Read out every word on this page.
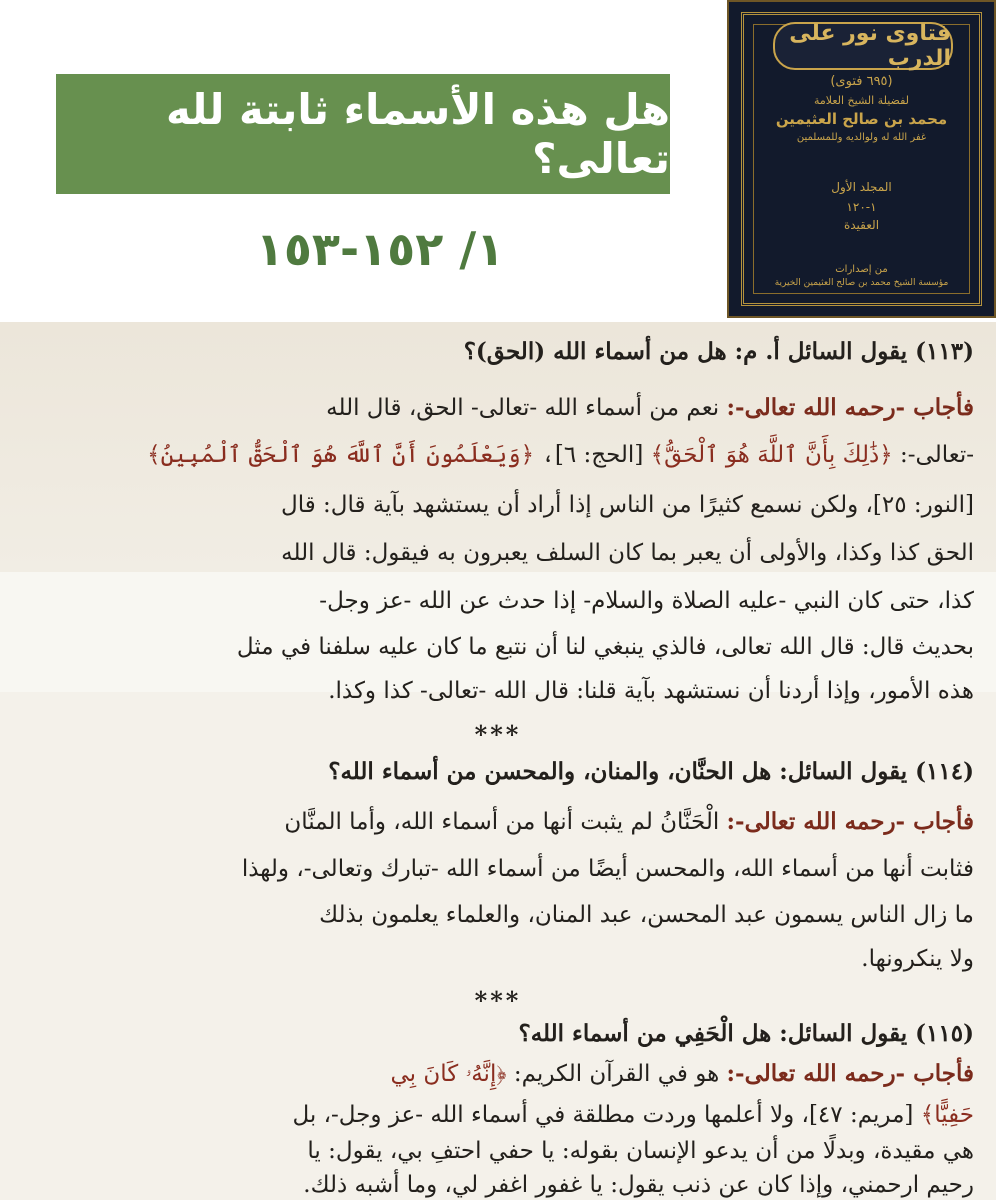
هل هذه الأسماء ثابتة لله تعالى؟
١/ ١٥٢-١٥٣
فتاوى نور على الدرب
(٦٩٥ فتوى)
لفضيلة الشيخ العلامة
محمد بن صالح العثيمين
غفر الله له ولوالديه وللمسلمين
المجلد الأول
١-١٢٠
العقيدة
من إصدارات
مؤسسة الشيخ محمد بن صالح العثيمين الخيرية
(١١٣) يقول السائل أ. م: هل من أسماء الله (الحق)؟
فأجاب -رحمه الله تعالى-: نعم من أسماء الله -تعالى- الحق، قال الله
-تعالى-: ﴿ذَٰلِكَ بِأَنَّ ٱللَّهَ هُوَ ٱلْحَقُّ﴾ [الحج: ٦]، ﴿وَيَعْلَمُونَ أَنَّ ٱللَّهَ هُوَ ٱلْحَقُّ ٱلْمُبِينُ﴾
[النور: ٢٥]، ولكن نسمع كثيرًا من الناس إذا أراد أن يستشهد بآية قال: قال
الحق كذا وكذا، والأولى أن يعبر بما كان السلف يعبرون به فيقول: قال الله
كذا، حتى كان النبي -عليه الصلاة والسلام- إذا حدث عن الله -عز وجل-
بحديث قال: قال الله تعالى، فالذي ينبغي لنا أن نتبع ما كان عليه سلفنا في مثل
هذه الأمور، وإذا أردنا أن نستشهد بآية قلنا: قال الله -تعالى- كذا وكذا.
***
(١١٤) يقول السائل: هل الحنَّان، والمنان، والمحسن من أسماء الله؟
فأجاب -رحمه الله تعالى-: الْحَنَّانُ لم يثبت أنها من أسماء الله، وأما المنَّان
فثابت أنها من أسماء الله، والمحسن أيضًا من أسماء الله -تبارك وتعالى-، ولهذا
ما زال الناس يسمون عبد المحسن، عبد المنان، والعلماء يعلمون بذلك
ولا ينكرونها.
***
(١١٥) يقول السائل: هل الْحَفِي من أسماء الله؟
فأجاب -رحمه الله تعالى-: هو في القرآن الكريم: ﴿إِنَّهُۥ كَانَ بِي
حَفِيًّا﴾ [مريم: ٤٧]، ولا أعلمها وردت مطلقة في أسماء الله -عز وجل-، بل
هي مقيدة، وبدلًا من أن يدعو الإنسان بقوله: يا حفي احتفِ بي، يقول: يا
رحيم ارحمني، وإذا كان عن ذنب يقول: يا غفور اغفر لي، وما أشبه ذلك.
